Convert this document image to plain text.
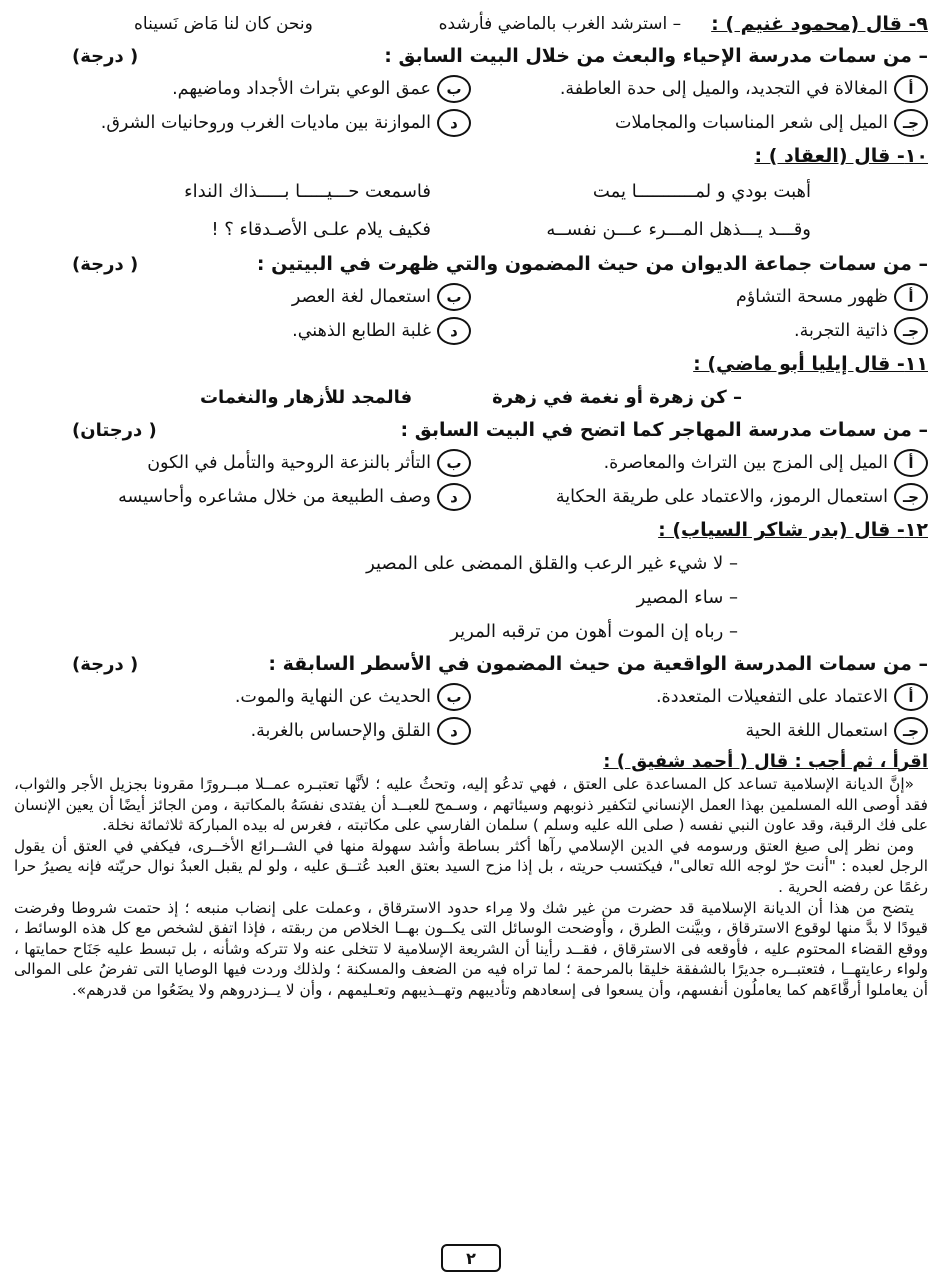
٩- قال (محمود غنيم ) :
– استرشد الغرب بالماضي فأرشده
ونحن كان لنا مَاض نَسيناه
– من سمات مدرسة الإحياء والبعث من خلال البيت السابق :
( درجة)
أ
المغالاة في التجديد، والميل إلى حدة العاطفة.
ب
عمق الوعي بتراث الأجداد وماضيهم.
جـ
الميل إلى شعر المناسبات والمجاملات
د
الموازنة بين ماديات الغرب وروحانيات الشرق.
١٠- قال (العقاد ) :
أهبت بودي و لمـــــــــــا يمت
فاسمعت حـــيـــــا بـــــذاك النداء
وقـــد يـــذهل المـــرء عـــن نفســه
فكيف يلام علـى الأصـدقاء ؟ !
– من سمات جماعة الديوان من حيث المضمون والتي ظهرت في البيتين :
( درجة)
أ
ظهور مسحة التشاؤم
ب
استعمال لغة العصر
جـ
ذاتية التجربة.
د
غلبة الطابع الذهني.
١١- قال إيليا أبو ماضي) :
– كن زهرة أو نغمة في زهرة
فالمجد للأزهار والنغمات
– من سمات مدرسة المهاجر كما اتضح في البيت السابق :
( درجتان)
أ
الميل إلى المزج بين التراث والمعاصرة.
ب
التأثر بالنزعة الروحية والتأمل في الكون
جـ
استعمال الرموز، والاعتماد على طريقة الحكاية
د
وصف الطبيعة من خلال مشاعره وأحاسيسه
١٢- قال (بدر شاكر السياب) :
– لا شيء غير الرعب والقلق الممضى على المصير
– ساء المصير
– رباه إن الموت أهون من ترقبه المرير
– من سمات المدرسة الواقعية من حيث المضمون في الأسطر السابقة :
( درجة)
أ
الاعتماد على التفعيلات المتعددة.
ب
الحديث عن النهاية والموت.
جـ
استعمال اللغة الحية
د
القلق والإحساس بالغربة.
اقرأ ، ثم أجب : قال ( أحمد شفيق ) :

«إنَّ الديانة الإسلامية تساعد كل المساعدة على العتق ، فهي تدعُو إليه، وتحثُ عليه ؛ لأنَّها تعتبـره عمــلا مبــرورًا مقرونا بجزيل الأجر والثواب، فقد أوصى الله المسلمين بهذا العمل الإنساني لتكفير ذنوبهم وسيئاتهم ، وسـمح للعبــد أن يفتدى نفسَهُ بالمكاتبة ، ومن الجائز أيضًا أن يعين الإنسان على فك الرقبة، وقد عاون النبي نفسه ( صلى الله عليه وسلم ) سلمان الفارسي على مكاتبته ، فغرس له بيده المباركة ثلاثمائة نخلة.

ومن نظر إلى صيغ العتق ورسومه في الدين الإسلامي رآها أكثر بساطة وأشد سهولة منها في الشــرائع الأخــرى، فيكفي في العتق أن يقول الرجل لعبده : "أنت حرّ لوجه الله تعالى"، فيكتسب حريته ، بل إذا مزح السيد بعتق العبد عُتــق عليه ، ولو لم يقبل العبدُ نوال حريّته فإنه يصيرُ حرا رغمًا عن رفضه الحرية .

يتضح من هذا أن الديانة الإسلامية قد حضرت من غير شك ولا مِراء حدود الاسترقاق ، وعملت على إنضاب منبعه ؛ إذ حتمت شروطا وفرضت قيودًا لا بدَّ منها لوقوع الاسترقاق ، وبيَّنت الطرق ، وأوضحت الوسائل التى يكــون بهــا الخلاص من ربقته ، فإذا اتفق لشخص مع كل هذه الوسائط ، ووقع القضاء المحتوم عليه ، فأوقعه فى الاسترقاق ، فقــد رأينا أن الشريعة الإسلامية لا تتخلى عنه ولا تتركه وشأنه ، بل تبسط عليه جَنَاح حمايتها ، ولواء رعايتهــا ، فتعتبــره جديرًا بالشفقة خليقا بالمرحمة ؛ لما تراه فيه من الضعف والمسكنة ؛ ولذلك وردت فيها الوصايا التى تفرضُ على الموالى أن يعاملوا أرقَّاءَهم كما يعاملُون أنفسهم، وأن يسعوا فى إسعادهم وتأديبهم وتهــذيبهم وتعـليمهم ، وأن لا يــزدروهم ولا يضَعُوا من قدرهم».

٢
